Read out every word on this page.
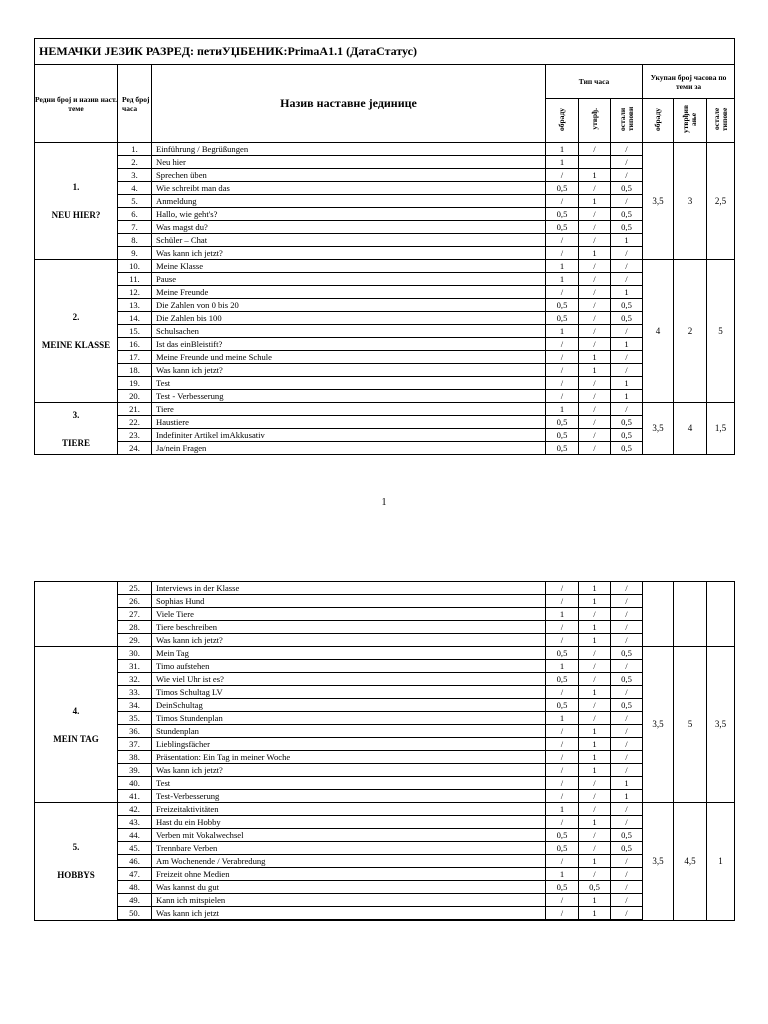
НЕМАЧКИ ЈЕЗИК РАЗРЕД: петиУЏБЕНИК:PrimaA1.1 (ДатаСтатус)								
Редни број и назив наст. теме	Ред број часа	Назив наставне јединице	Тип часа			Укупан број часова по теми за		
			обраду	утврђ.	остали типови	обраду	утврђив ање	остале типове

1.
NEU HIER?	1.	Einführung / Begrüßungen	1	/	/	3,5	3	2,5
	2.	Neu hier	1		/			
	3.	Sprechen üben	/	1	/			
	4.	Wie schreibt man das	0,5	/	0,5			
	5.	Anmeldung	/	1	/			
	6.	Hallo, wie geht's?	0,5	/	0,5			
	7.	Was magst du?	0,5	/	0,5			
	8.	Schüler – Chat	/	/	1			
	9.	Was kann ich jetzt?	/	1	/			

2.
MEINE KLASSE	10.	Meine Klasse	1	/	/	4	2	5
	11.	Pause	1	/	/			
	12.	Meine Freunde	/	/	1			
	13.	Die Zahlen von 0 bis 20	0,5	/	0,5			
	14.	Die Zahlen bis 100	0,5	/	0,5			
	15.	Schulsachen	1	/	/			
	16.	Ist das einBleistift?	/	/	1			
	17.	Meine Freunde und meine Schule	/	1	/			
	18.	Was kann ich jetzt?	/	1	/			
	19.	Test	/	/	1			
	20.	Test - Verbesserung	/	/	1			

3.
TIERE	21.	Tiere	1	/	/	3,5	4	1,5
	22.	Haustiere	0,5	/	0,5			
	23.	Indefiniter Artikel imAkkusativ	0,5	/	0,5			
	24.	Ja/nein Fragen	0,5	/	0,5			
1
	25.	Interviews in der Klasse	/	1	/			
	26.	Sophias Hund	/	1	/			
	27.	Viele Tiere	1	/	/			
	28.	Tiere beschreiben	/	1	/			
	29.	Was kann ich jetzt?	/	1	/			

4.
MEIN TAG	30.	Mein Tag	0,5	/	0,5	3,5	5	3,5
	31.	Timo aufstehen	1	/	/			
	32.	Wie viel Uhr ist es?	0,5	/	0,5			
	33.	Timos Schultag LV	/	1	/			
	34.	DeinSchultag	0,5	/	0,5			
	35.	Timos Stundenplan	1	/	/			
	36.	Stundenplan	/	1	/			
	37.	Lieblingsfächer	/	1	/			
	38.	Präsentation: Ein Tag in meiner Woche	/	1	/			
	39.	Was kann ich jetzt?	/	1	/			
	40.	Test	/	/	1			
	41.	Test-Verbesserung	/	/	1			

5.
HOBBYS	42.	Freizeitaktivitäten	1	/	/	3,5	4,5	1
	43.	Hast du ein Hobby	/	1	/			
	44.	Verben mit Vokalwechsel	0,5	/	0,5			
	45.	Trennbare Verben	0,5	/	0,5			
	46.	Am Wochenende / Verabredung	/	1	/			
	47.	Freizeit ohne Medien	1	/	/			
	48.	Was kannst du gut	0,5	0,5	/			
	49.	Kann ich mitspielen	/	1	/			
	50.	Was kann ich jetzt	/	1	/			
